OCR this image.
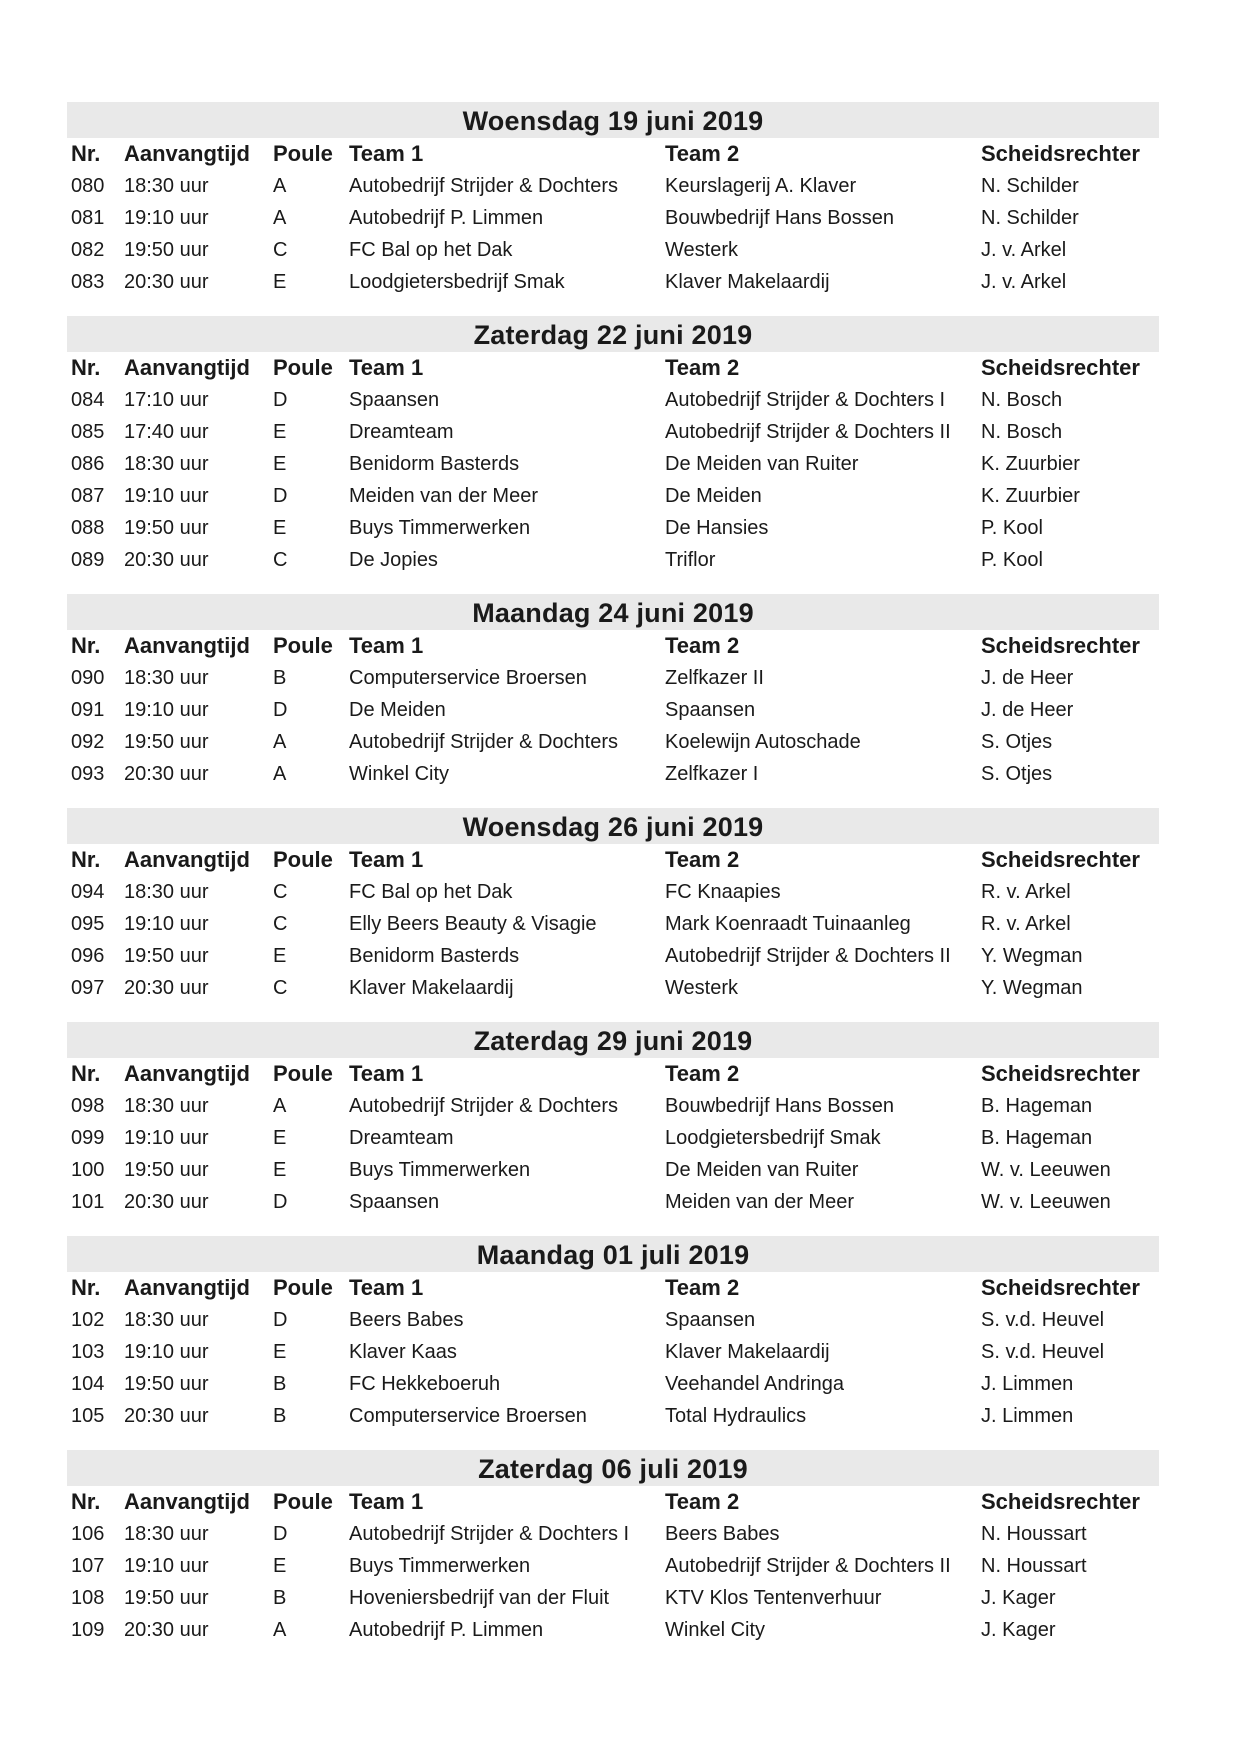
Woensdag 19 juni 2019
Nr.	Aanvangtijd	Poule Team 1	Team 2	Scheidsrechter
080 18:30 uur	A	Autobedrijf Strijder & Dochters	Keurslagerij A. Klaver	N. Schilder
081 19:10 uur	A	Autobedrijf P. Limmen	Bouwbedrijf Hans Bossen	N. Schilder
082 19:50 uur	C	FC Bal op het Dak	Westerk	J. v. Arkel
083 20:30 uur	E	Loodgietersbedrijf Smak	Klaver Makelaardij	J. v. Arkel
Zaterdag 22 juni 2019
Nr.	Aanvangtijd	Poule Team 1	Team 2	Scheidsrechter
084 17:10 uur	D	Spaansen	Autobedrijf Strijder & Dochters I	N. Bosch
085 17:40 uur	E	Dreamteam	Autobedrijf Strijder & Dochters II	N. Bosch
086 18:30 uur	E	Benidorm Basterds	De Meiden van Ruiter	K. Zuurbier
087 19:10 uur	D	Meiden van der Meer	De Meiden	K. Zuurbier
088 19:50 uur	E	Buys Timmerwerken	De Hansies	P. Kool
089 20:30 uur	C	De Jopies	Triflor	P. Kool
Maandag 24 juni 2019
Nr.	Aanvangtijd	Poule Team 1	Team 2	Scheidsrechter
090 18:30 uur	B	Computerservice Broersen	Zelfkazer II	J. de Heer
091 19:10 uur	D	De Meiden	Spaansen	J. de Heer
092 19:50 uur	A	Autobedrijf Strijder & Dochters	Koelewijn Autoschade	S. Otjes
093 20:30 uur	A	Winkel City	Zelfkazer I	S. Otjes
Woensdag 26 juni 2019
Nr.	Aanvangtijd	Poule Team 1	Team 2	Scheidsrechter
094 18:30 uur	C	FC Bal op het Dak	FC Knaapies	R. v. Arkel
095 19:10 uur	C	Elly Beers Beauty & Visagie	Mark Koenraadt Tuinaanleg	R. v. Arkel
096 19:50 uur	E	Benidorm Basterds	Autobedrijf Strijder & Dochters II	Y. Wegman
097 20:30 uur	C	Klaver Makelaardij	Westerk	Y. Wegman
Zaterdag 29 juni 2019
Nr.	Aanvangtijd	Poule Team 1	Team 2	Scheidsrechter
098 18:30 uur	A	Autobedrijf Strijder & Dochters	Bouwbedrijf Hans Bossen	B. Hageman
099 19:10 uur	E	Dreamteam	Loodgietersbedrijf Smak	B. Hageman
100 19:50 uur	E	Buys Timmerwerken	De Meiden van Ruiter	W. v. Leeuwen
101 20:30 uur	D	Spaansen	Meiden van der Meer	W. v. Leeuwen
Maandag 01 juli 2019
Nr.	Aanvangtijd	Poule Team 1	Team 2	Scheidsrechter
102 18:30 uur	D	Beers Babes	Spaansen	S. v.d. Heuvel
103 19:10 uur	E	Klaver Kaas	Klaver Makelaardij	S. v.d. Heuvel
104 19:50 uur	B	FC Hekkeboeruh	Veehandel Andringa	J. Limmen
105 20:30 uur	B	Computerservice Broersen	Total Hydraulics	J. Limmen
Zaterdag 06 juli 2019
Nr.	Aanvangtijd	Poule Team 1	Team 2	Scheidsrechter
106 18:30 uur	D	Autobedrijf Strijder & Dochters I	Beers Babes	N. Houssart
107 19:10 uur	E	Buys Timmerwerken	Autobedrijf Strijder & Dochters II	N. Houssart
108 19:50 uur	B	Hoveniersbedrijf van der Fluit	KTV Klos Tentenverhuur	J. Kager
109 20:30 uur	A	Autobedrijf P. Limmen	Winkel City	J. Kager
